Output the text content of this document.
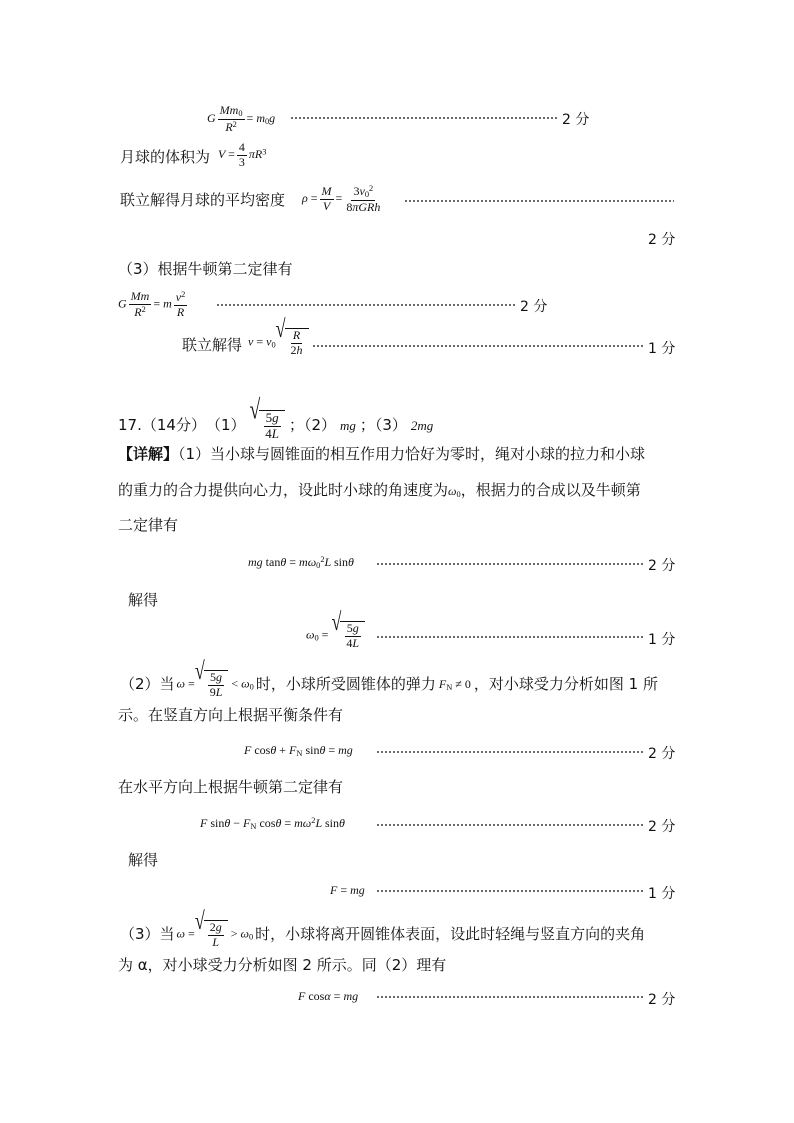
G $\frac{Mm_0}{R^2} = m_0g$	2 分
月球的体积为 $V = \frac{4}{3} \pi R^3$
联立解得月球的平均密度 $\rho = \frac{M}{V} = \frac{3v_0^2}{\text{8πGRh}}$
2 分
（3）根据牛顿第二定律有
G $\frac{Mm}{R^2} = m \frac{v^2}{R}$	2 分
联立解得 $v = v_0$
√
$\frac{R}{2h}$	1 分
17. （14分） （1）
√
$\frac{5g}{4L}$ ；（2） mg ；（3） 2mg
【详解】（1）当小球与圆锥面的相互作用力恰好为零时，绳对小球的拉力和小球
的重力的合力提供向心力，设此时小球的角速度为$\omega_0$，根据力的合成以及牛顿第
二定律有
mg $\tan\theta = m\omega_0^2L$ sinθ	2 分
解得
$\omega_0$ = √
$\frac{5g}{4L}$	1 分
（2）当 ω = √
$\frac{5g}{9L} < \omega_0$ 时，小球所受圆锥体的弹力 $F_N \ne 0$ ，对小球受力分析如图 1 所
示。在竖直方向上根据平衡条件有
F $\cos\theta + F_N$ sinθ = mg	2 分
在水平方向上根据牛顿第二定律有
F $\sin\theta - F_N$ $\cos\theta = m\omega^2L$ sinθ	2 分
解得
F = mg	1 分
（3）当 ω = √
$\frac{2g}{L} > \omega_0$ 时，小球将离开圆锥体表面，设此时轻绳与竖直方向的夹角
为 α，对小球受力分析如图 2 所示。同（2）理有
F cosα = mg	2 分
